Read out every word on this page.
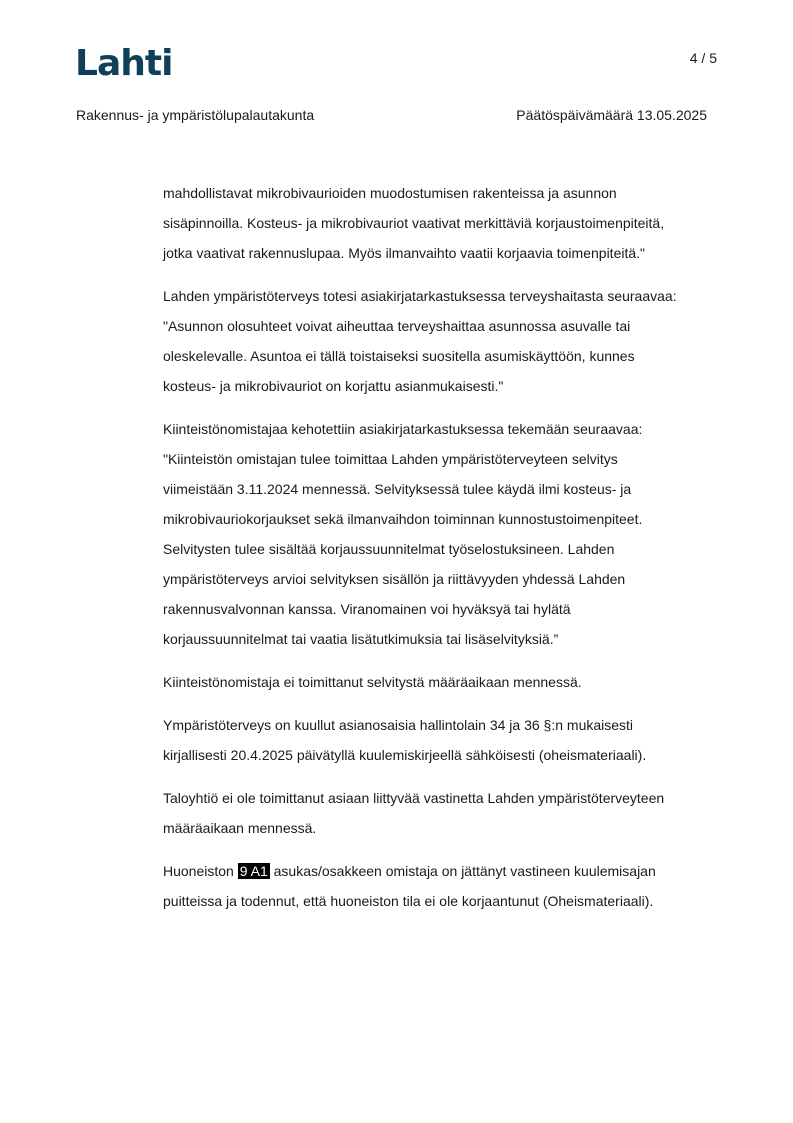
Lahti	4 / 5
Rakennus- ja ympäristölupalautakunta	Päätöspäivämäärä 13.05.2025

mahdollistavat mikrobivaurioiden muodostumisen rakenteissa ja asunnon
sisäpinnoilla. Kosteus- ja mikrobivauriot vaativat merkittäviä korjaustoimenpiteitä,
jotka vaativat rakennuslupaa. Myös ilmanvaihto vaatii korjaavia toimenpiteitä."

Lahden ympäristöterveys totesi asiakirjatarkastuksessa terveyshaitasta seuraavaa:
"Asunnon olosuhteet voivat aiheuttaa terveyshaittaa asunnossa asuvalle tai
oleskelevalle. Asuntoa ei tällä toistaiseksi suositella asumiskäyttöön, kunnes
kosteus- ja mikrobivauriot on korjattu asianmukaisesti."

Kiinteistönomistajaa kehotettiin asiakirjatarkastuksessa tekemään seuraavaa:
"Kiinteistön omistajan tulee toimittaa Lahden ympäristöterveyteen selvitys
viimeistään 3.11.2024 mennessä. Selvityksessä tulee käydä ilmi kosteus- ja
mikrobivauriokorjaukset sekä ilmanvaihdon toiminnan kunnostustoimenpiteet.
Selvitysten tulee sisältää korjaussuunnitelmat työselostuksineen. Lahden
ympäristöterveys arvioi selvityksen sisällön ja riittävyyden yhdessä Lahden
rakennusvalvonnan kanssa. Viranomainen voi hyväksyä tai hylätä
korjaussuunnitelmat tai vaatia lisätutkimuksia tai lisäselvityksiä.”

Kiinteistönomistaja ei toimittanut selvitystä määräaikaan mennessä.

Ympäristöterveys on kuullut asianosaisia hallintolain 34 ja 36 §:n mukaisesti
kirjallisesti 20.4.2025 päivätyllä kuulemiskirjeellä sähköisesti (oheismateriaali).

Taloyhtiö ei ole toimittanut asiaan liittyvää vastinetta Lahden ympäristöterveyteen
määräaikaan mennessä.

Huoneiston 9 A1 asukas/osakkeen omistaja on jättänyt vastineen kuulemisajan
puitteissa ja todennut, että huoneiston tila ei ole korjaantunut (Oheismateriaali).
